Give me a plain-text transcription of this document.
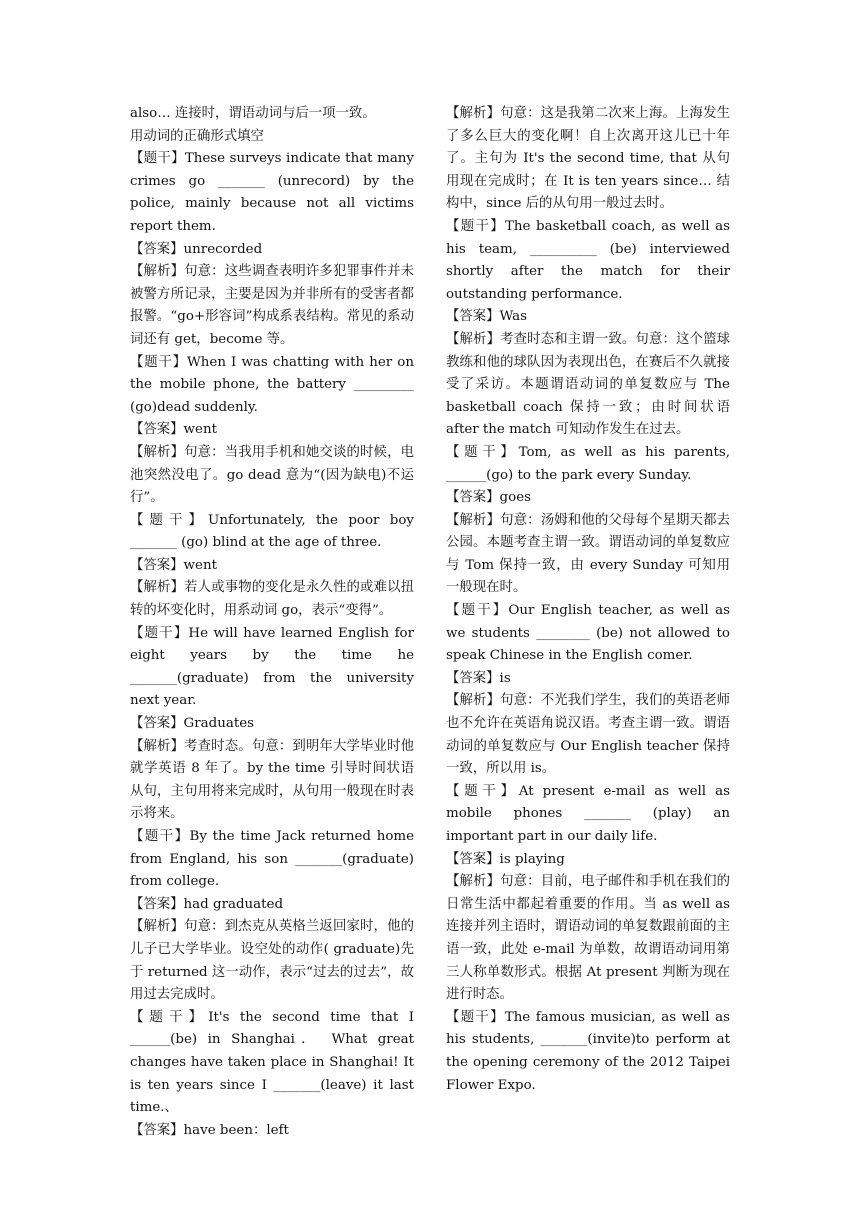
also… 连接时，谓语动词与后一项一致。

用动词的正确形式填空

【题干】These surveys indicate that many crimes go _______ (unrecord) by the police, mainly because not all victims report them.

【答案】unrecorded

【解析】句意：这些调查表明许多犯罪事件并未被警方所记录，主要是因为并非所有的受害者都报警。“go+形容词”构成系表结构。常见的系动词还有 get，become 等。

【题干】When I was chatting with her on the mobile phone, the battery _________ (go)dead suddenly.

【答案】went

【解析】句意：当我用手机和她交谈的时候，电池突然没电了。go dead 意为“(因为缺电)不运行”。

【题干】Unfortunately, the poor boy _______ (go) blind at the age of three.

【答案】went

【解析】若人或事物的变化是永久性的或难以扭转的坏变化时，用系动词 go，表示“变得”。

【题干】He will have learned English for eight years by the time he _______(graduate) from the university next year.

【答案】Graduates

【解析】考查时态。句意：到明年大学毕业时他就学英语 8 年了。by the time 引导时间状语从句，主句用将来完成时，从句用一般现在时表示将来。

【题干】By the time Jack returned home from England, his son _______(graduate) from college.

【答案】had graduated

【解析】句意：到杰克从英格兰返回家时，他的儿子已大学毕业。设空处的动作( graduate)先于 returned 这一动作，表示“过去的过去”，故用过去完成时。

【题干】It's the second time that I ______(be) in Shanghai． What great changes have taken place in Shanghai! It is ten years since I _______(leave) it last time.、

【答案】have been：left

【解析】句意：这是我第二次来上海。上海发生了多么巨大的变化啊！自上次离开这儿已十年了。主句为 It's the second time, that 从句用现在完成时；在 It is ten years since… 结构中，since 后的从句用一般过去时。

【题干】The basketball coach, as well as his team, __________ (be) interviewed shortly after the match for their outstanding performance.

【答案】Was

【解析】考查时态和主谓一致。句意：这个篮球教练和他的球队因为表现出色，在赛后不久就接受了采访。本题谓语动词的单复数应与 The basketball coach 保持一致；由时间状语 after the match 可知动作发生在过去。

【题干】Tom, as well as his parents, ______(go) to the park every Sunday.

【答案】goes

【解析】句意：汤姆和他的父母每个星期天都去公园。本题考查主谓一致。谓语动词的单复数应与 Tom 保持一致，由 every Sunday 可知用一般现在时。

【题干】Our English teacher, as well as we students ________ (be) not allowed to speak Chinese in the English comer.

【答案】is

【解析】句意：不光我们学生，我们的英语老师也不允许在英语角说汉语。考查主谓一致。谓语动词的单复数应与 Our English teacher 保持一致，所以用 is。

【题干】At present e-mail as well as mobile phones _______ (play) an important part in our daily life.

【答案】is playing

【解析】句意：目前，电子邮件和手机在我们的日常生活中都起着重要的作用。当 as well as 连接并列主语时，谓语动词的单复数跟前面的主语一致，此处 e-mail 为单数，故谓语动词用第三人称单数形式。根据 At present 判断为现在进行时态。

【题干】The famous musician, as well as his students, _______(invite)to perform at the opening ceremony of the 2012 Taipei Flower Expo.
